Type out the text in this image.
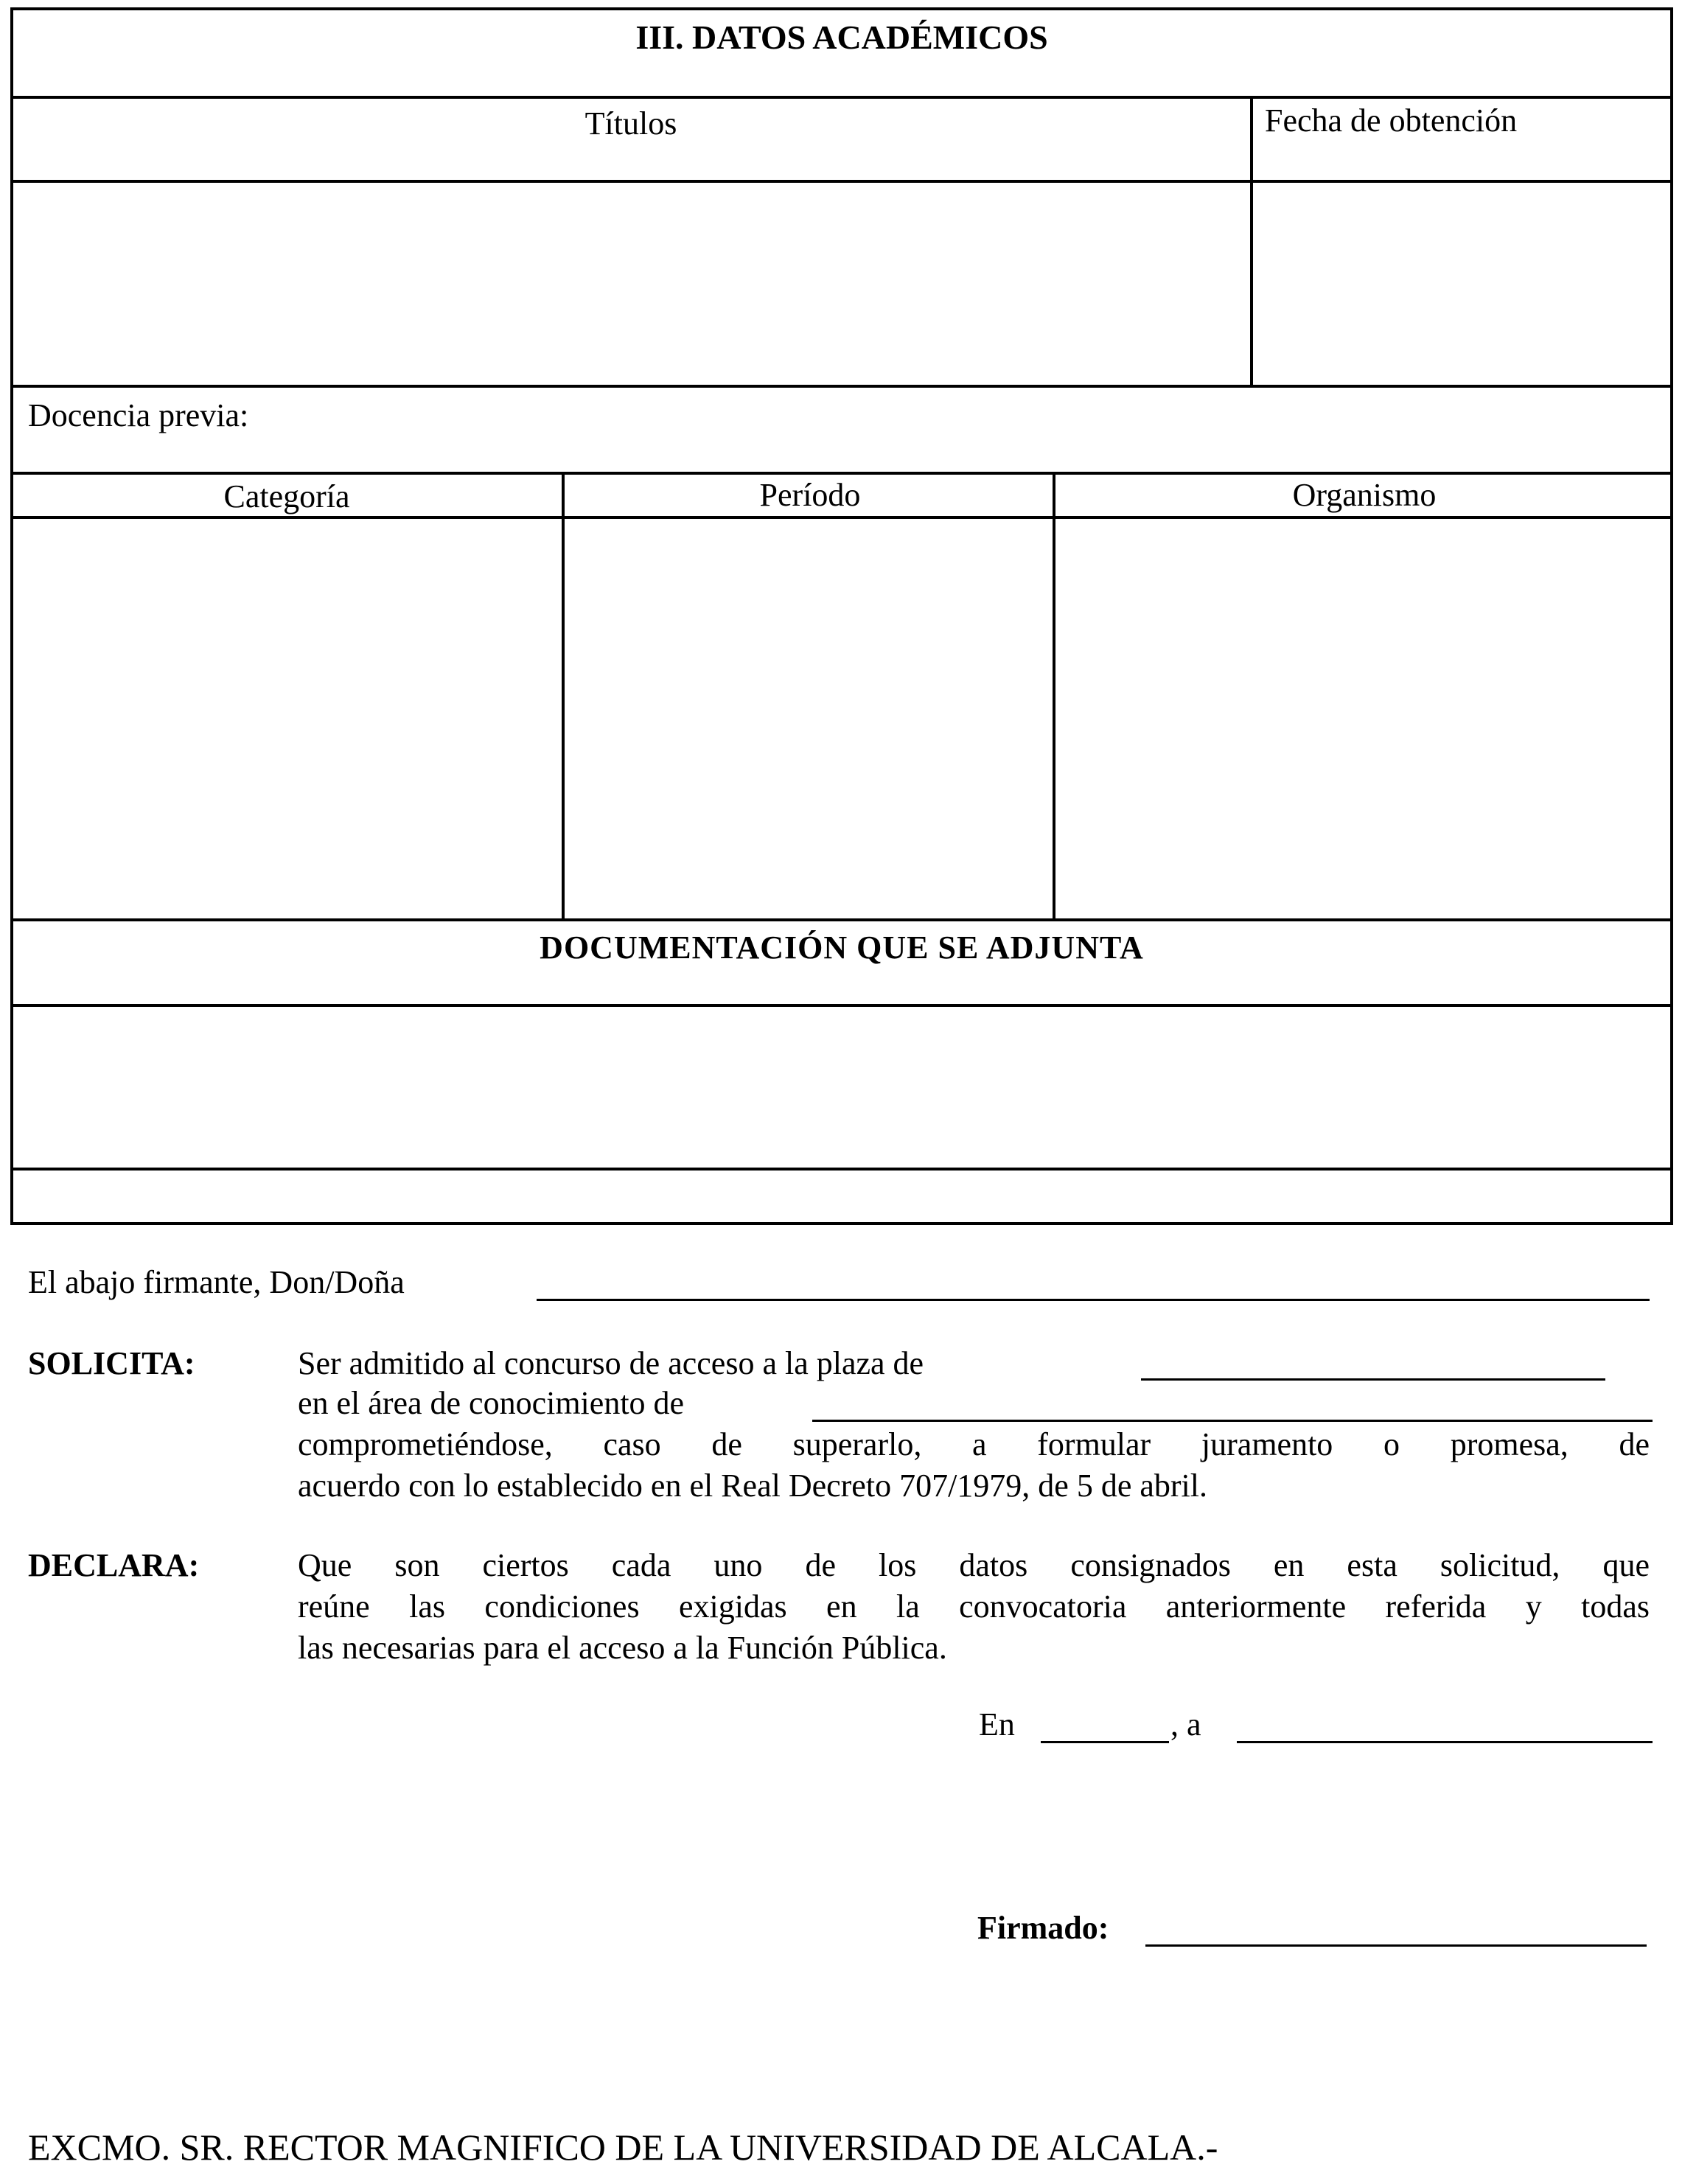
III. DATOS ACADÉMICOS
Títulos	Fecha de obtención
Docencia previa:
Categoría	Período	Organismo
DOCUMENTACIÓN QUE SE ADJUNTA
El abajo firmante, Don/Doña
SOLICITA:	Ser admitido al concurso de acceso a la plaza de
en el área de conocimiento de
comprometiéndose, caso de superarlo, a formular juramento o promesa, de
acuerdo con lo establecido en el Real Decreto 707/1979, de 5 de abril.
DECLARA:	Que son ciertos cada uno de los datos consignados en esta solicitud, que
reúne las condiciones exigidas en la convocatoria anteriormente referida y todas
las necesarias para el acceso a la Función Pública.
En	, a
Firmado:
EXCMO. SR. RECTOR MAGNIFICO DE LA UNIVERSIDAD DE ALCALA.-
